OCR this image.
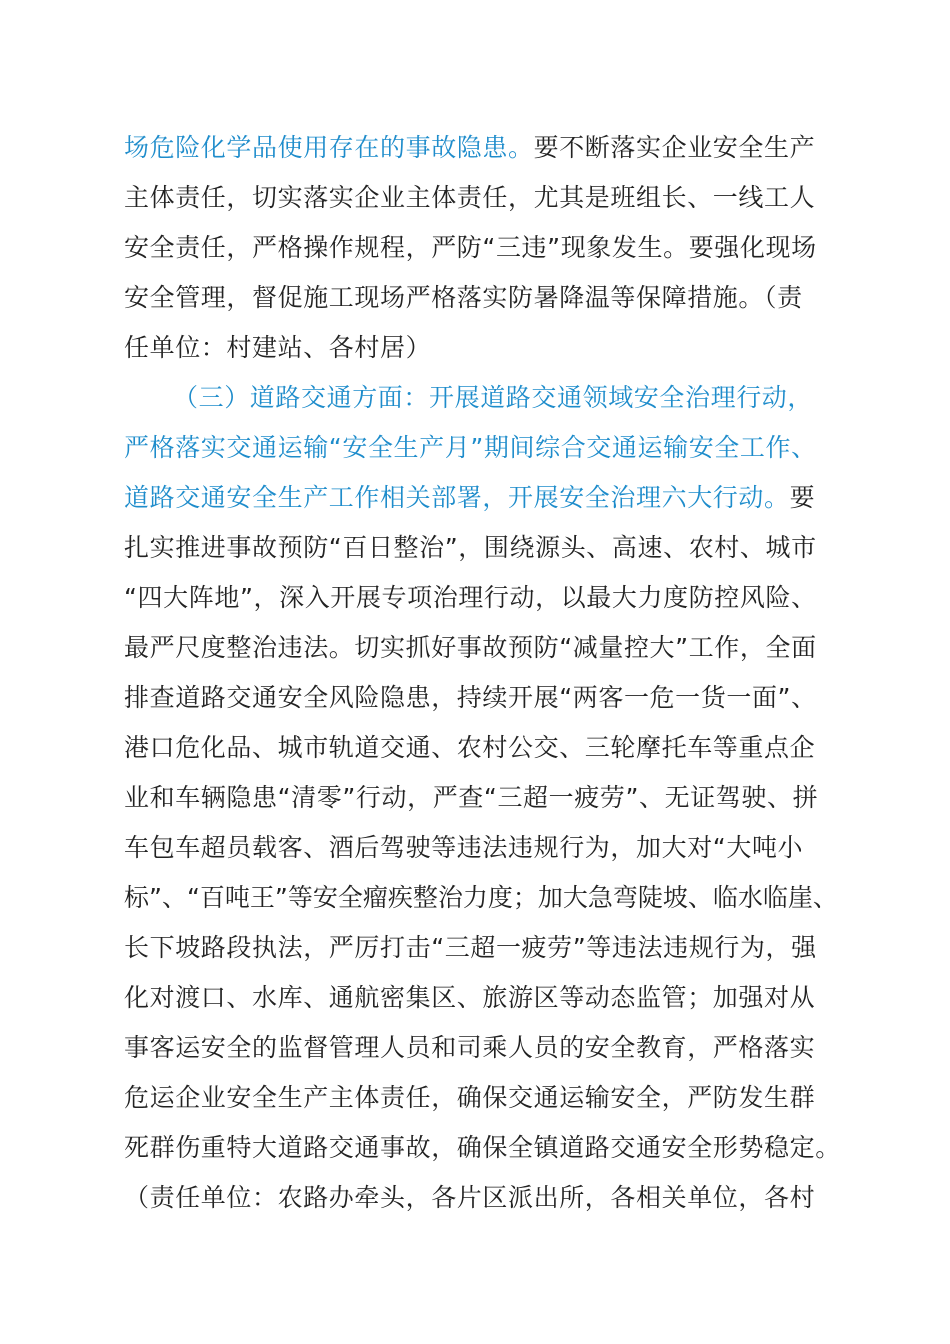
场危险化学品使用存在的事故隐患。要不断落实企业安全生产
主体责任，切实落实企业主体责任，尤其是班组长、一线工人
安全责任，严格操作规程，严防“三违”现象发生。要强化现场
安全管理，督促施工现场严格落实防暑降温等保障措施。（责
任单位：村建站、各村居）
（三）道路交通方面：开展道路交通领域安全治理行动，
严格落实交通运输“安全生产月”期间综合交通运输安全工作、
道路交通安全生产工作相关部署，开展安全治理六大行动。要
扎实推进事故预防“百日整治”，围绕源头、高速、农村、城市
“四大阵地”，深入开展专项治理行动，以最大力度防控风险、
最严尺度整治违法。切实抓好事故预防“减量控大”工作，全面
排查道路交通安全风险隐患，持续开展“两客一危一货一面”、
港口危化品、城市轨道交通、农村公交、三轮摩托车等重点企
业和车辆隐患“清零”行动，严查“三超一疲劳”、无证驾驶、拼
车包车超员载客、酒后驾驶等违法违规行为，加大对“大吨小
标”、“百吨王”等安全瘤疾整治力度；加大急弯陡坡、临水临崖、
长下坡路段执法，严厉打击“三超一疲劳”等违法违规行为，强
化对渡口、水库、通航密集区、旅游区等动态监管；加强对从
事客运安全的监督管理人员和司乘人员的安全教育，严格落实
危运企业安全生产主体责任，确保交通运输安全，严防发生群
死群伤重特大道路交通事故，确保全镇道路交通安全形势稳定。
（责任单位：农路办牵头，各片区派出所，各相关单位，各村
